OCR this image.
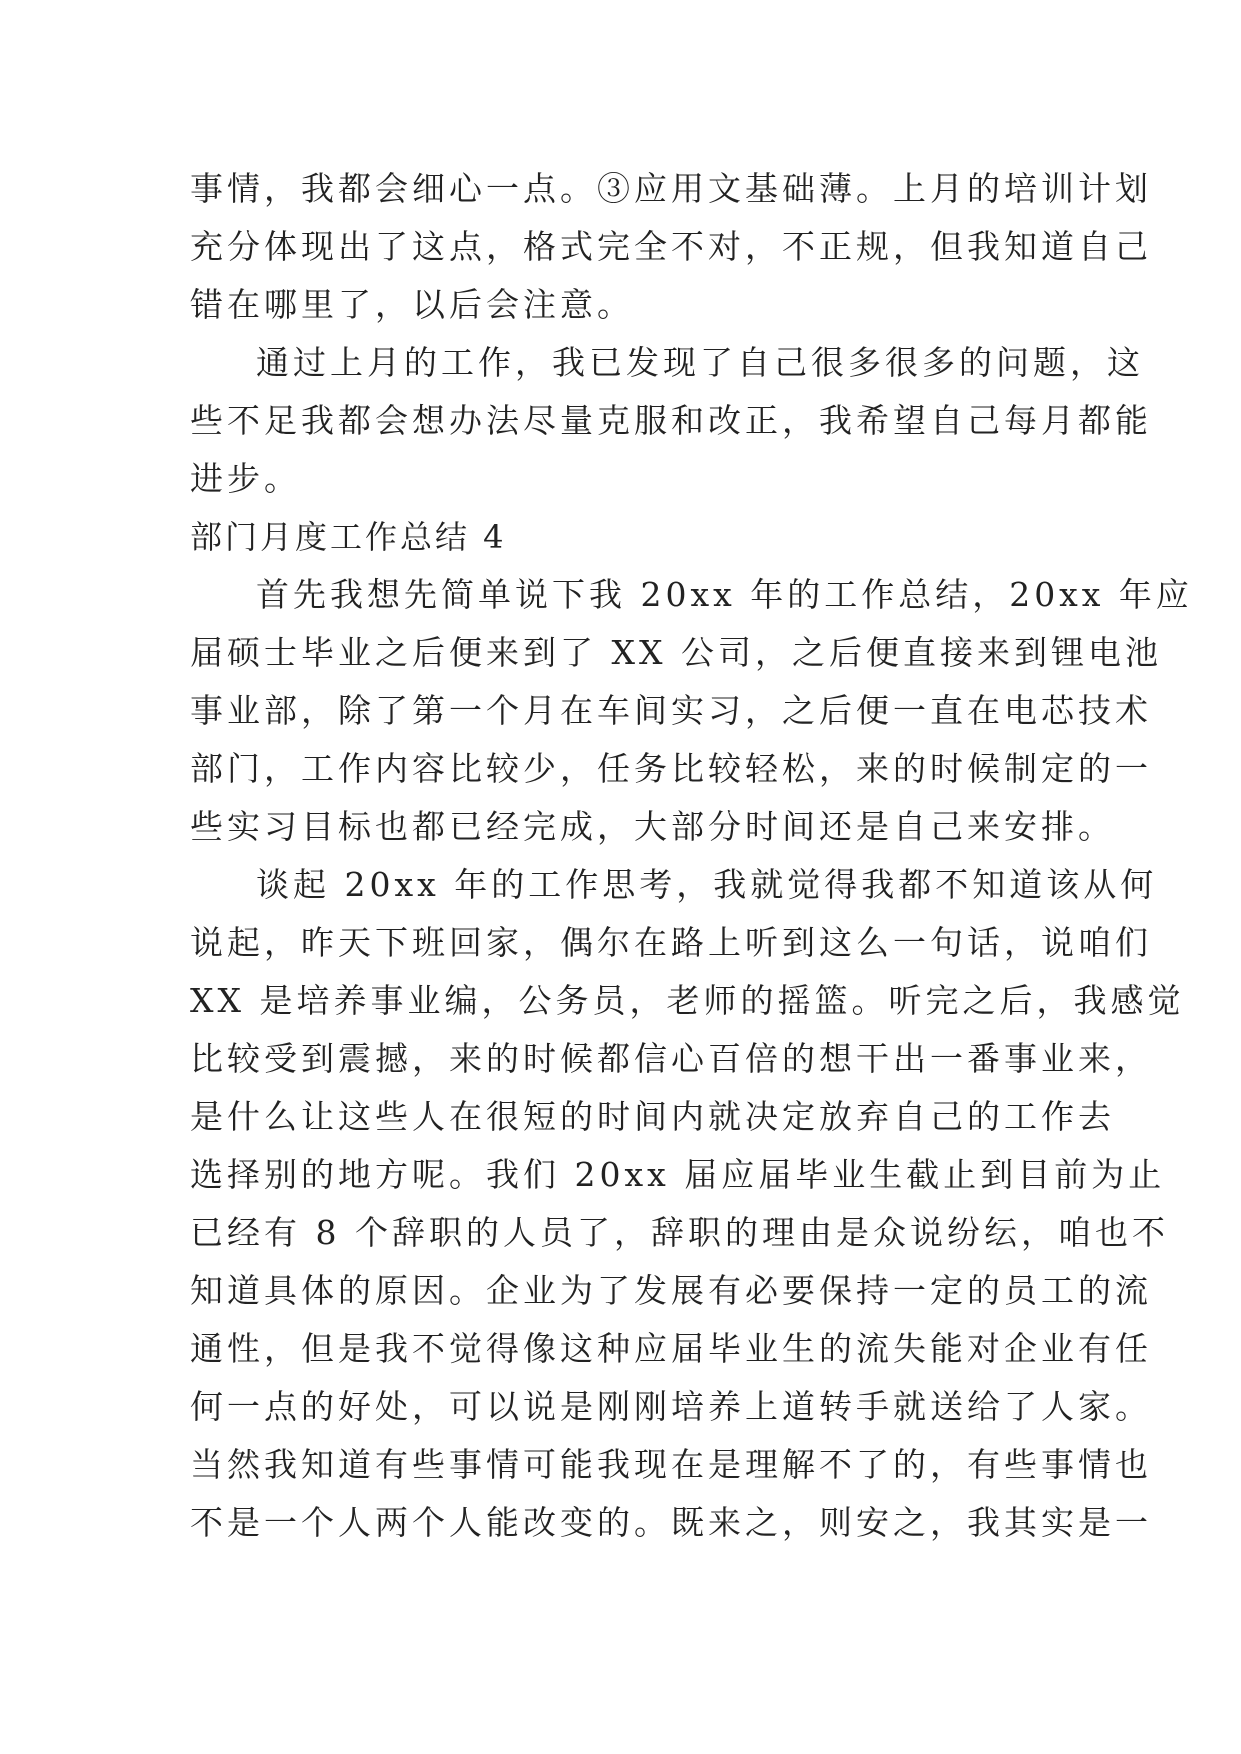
事情，我都会细心一点。③应用文基础薄。上月的培训计划
充分体现出了这点，格式完全不对，不正规，但我知道自己
错在哪里了，以后会注意。
通过上月的工作，我已发现了自己很多很多的问题，这
些不足我都会想办法尽量克服和改正，我希望自己每月都能
进步。
部门月度工作总结 4
首先我想先简单说下我 20xx 年的工作总结，20xx 年应
届硕士毕业之后便来到了 XX 公司，之后便直接来到锂电池
事业部，除了第一个月在车间实习，之后便一直在电芯技术
部门，工作内容比较少，任务比较轻松，来的时候制定的一
些实习目标也都已经完成，大部分时间还是自己来安排。
谈起 20xx 年的工作思考，我就觉得我都不知道该从何
说起，昨天下班回家，偶尔在路上听到这么一句话，说咱们
XX 是培养事业编，公务员，老师的摇篮。听完之后，我感觉
比较受到震撼，来的时候都信心百倍的想干出一番事业来，
是什么让这些人在很短的时间内就决定放弃自己的工作去
选择别的地方呢。我们 20xx 届应届毕业生截止到目前为止
已经有 8 个辞职的人员了，辞职的理由是众说纷纭，咱也不
知道具体的原因。企业为了发展有必要保持一定的员工的流
通性，但是我不觉得像这种应届毕业生的流失能对企业有任
何一点的好处，可以说是刚刚培养上道转手就送给了人家。
当然我知道有些事情可能我现在是理解不了的，有些事情也
不是一个人两个人能改变的。既来之，则安之，我其实是一
